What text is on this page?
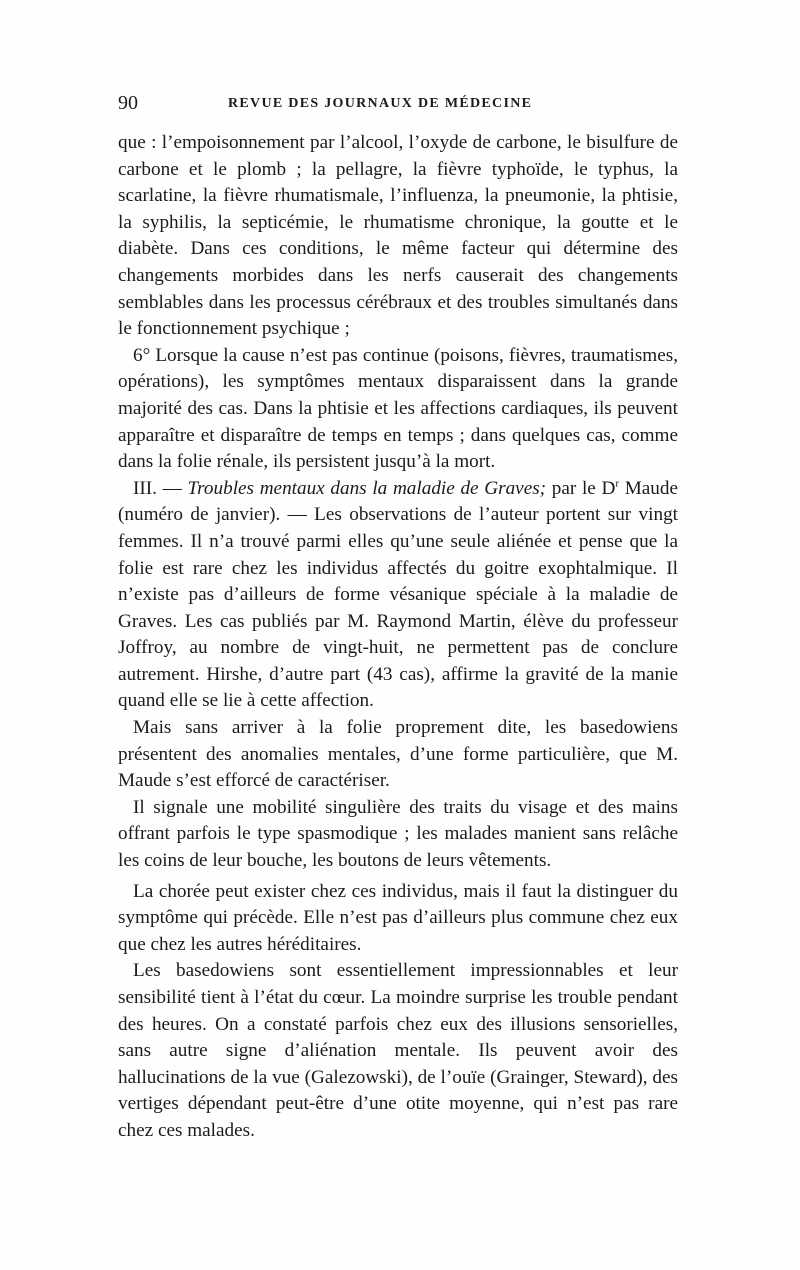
90	REVUE DES JOURNAUX DE MÉDECINE

que : l’empoisonnement par l’alcool, l’oxyde de carbone, le bisulfure de carbone et le plomb ; la pellagre, la fièvre typhoïde, le typhus, la scarlatine, la fièvre rhumatismale, l’influenza, la pneumonie, la phtisie, la syphilis, la septicémie, le rhumatisme chronique, la goutte et le diabète. Dans ces conditions, le même facteur qui détermine des changements morbides dans les nerfs causerait des changements semblables dans les processus cérébraux et des troubles simultanés dans le fonctionnement psychique ;

6° Lorsque la cause n’est pas continue (poisons, fièvres, traumatismes, opérations), les symptômes mentaux disparaissent dans la grande majorité des cas. Dans la phtisie et les affections cardiaques, ils peuvent apparaître et disparaître de temps en temps ; dans quelques cas, comme dans la folie rénale, ils persistent jusqu’à la mort.

III. — Troubles mentaux dans la maladie de Graves; par le $D^r$ Maude (numéro de janvier). — Les observations de l’auteur portent sur vingt femmes. Il n’a trouvé parmi elles qu’une seule aliénée et pense que la folie est rare chez les individus affectés du goitre exophtalmique. Il n’existe pas d’ailleurs de forme vésanique spéciale à la maladie de Graves. Les cas publiés par M. Raymond Martin, élève du professeur Joffroy, au nombre de vingt-huit, ne permettent pas de conclure autrement. Hirshe, d’autre part (43 cas), affirme la gravité de la manie quand elle se lie à cette affection.

Mais sans arriver à la folie proprement dite, les basedowiens présentent des anomalies mentales, d’une forme particulière, que M. Maude s’est efforcé de caractériser.

Il signale une mobilité singulière des traits du visage et des mains offrant parfois le type spasmodique ; les malades manient sans relâche les coins de leur bouche, les boutons de leurs vêtements.

La chorée peut exister chez ces individus, mais il faut la distinguer du symptôme qui précède. Elle n’est pas d’ailleurs plus commune chez eux que chez les autres héréditaires.

Les basedowiens sont essentiellement impressionnables et leur sensibilité tient à l’état du cœur. La moindre surprise les trouble pendant des heures. On a constaté parfois chez eux des illusions sensorielles, sans autre signe d’aliénation mentale. Ils peuvent avoir des hallucinations de la vue (Galezowski), de l’ouïe (Grainger, Steward), des vertiges dépendant peut-être d’une otite moyenne, qui n’est pas rare chez ces malades.
